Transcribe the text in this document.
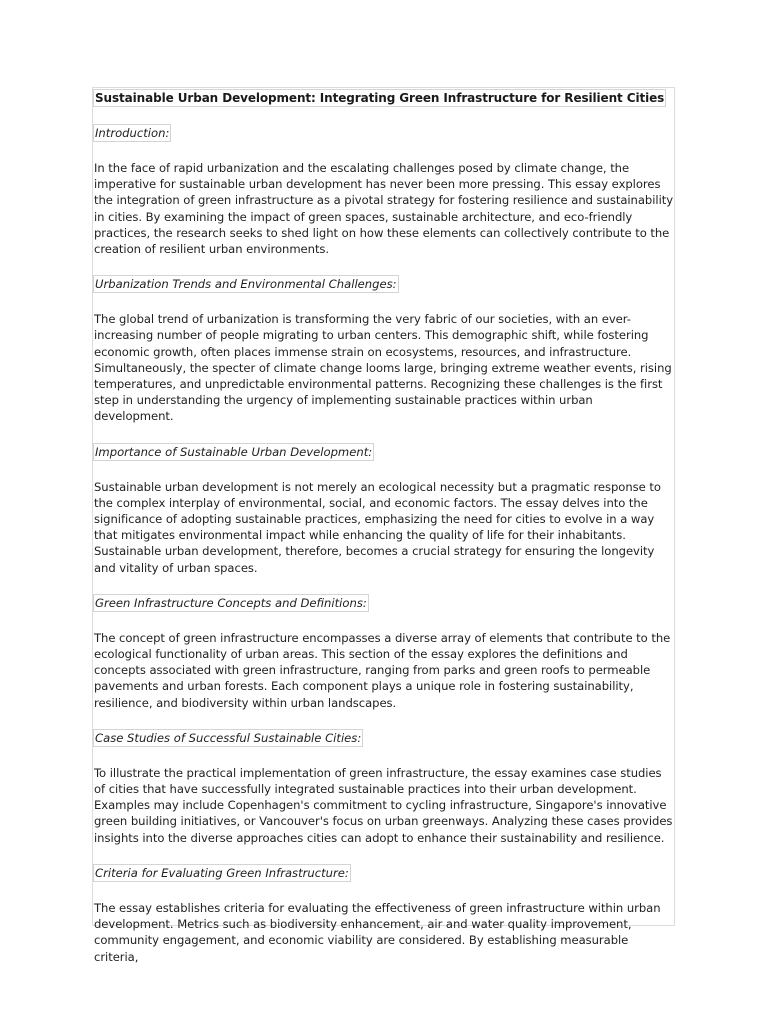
Sustainable Urban Development: Integrating Green Infrastructure for Resilient Cities
Introduction:

In the face of rapid urbanization and the escalating challenges posed by climate change, the imperative for sustainable urban development has never been more pressing. This essay explores the integration of green infrastructure as a pivotal strategy for fostering resilience and sustainability in cities. By examining the impact of green spaces, sustainable architecture, and eco-friendly practices, the research seeks to shed light on how these elements can collectively contribute to the creation of resilient urban environments.

Urbanization Trends and Environmental Challenges:

The global trend of urbanization is transforming the very fabric of our societies, with an ever-increasing number of people migrating to urban centers. This demographic shift, while fostering economic growth, often places immense strain on ecosystems, resources, and infrastructure. Simultaneously, the specter of climate change looms large, bringing extreme weather events, rising temperatures, and unpredictable environmental patterns. Recognizing these challenges is the first step in understanding the urgency of implementing sustainable practices within urban development.

Importance of Sustainable Urban Development:

Sustainable urban development is not merely an ecological necessity but a pragmatic response to the complex interplay of environmental, social, and economic factors. The essay delves into the significance of adopting sustainable practices, emphasizing the need for cities to evolve in a way that mitigates environmental impact while enhancing the quality of life for their inhabitants. Sustainable urban development, therefore, becomes a crucial strategy for ensuring the longevity and vitality of urban spaces.

Green Infrastructure Concepts and Definitions:

The concept of green infrastructure encompasses a diverse array of elements that contribute to the ecological functionality of urban areas. This section of the essay explores the definitions and concepts associated with green infrastructure, ranging from parks and green roofs to permeable pavements and urban forests. Each component plays a unique role in fostering sustainability, resilience, and biodiversity within urban landscapes.

Case Studies of Successful Sustainable Cities:

To illustrate the practical implementation of green infrastructure, the essay examines case studies of cities that have successfully integrated sustainable practices into their urban development. Examples may include Copenhagen's commitment to cycling infrastructure, Singapore's innovative green building initiatives, or Vancouver's focus on urban greenways. Analyzing these cases provides insights into the diverse approaches cities can adopt to enhance their sustainability and resilience.

Criteria for Evaluating Green Infrastructure:

The essay establishes criteria for evaluating the effectiveness of green infrastructure within urban development. Metrics such as biodiversity enhancement, air and water quality improvement, community engagement, and economic viability are considered. By establishing measurable criteria,
